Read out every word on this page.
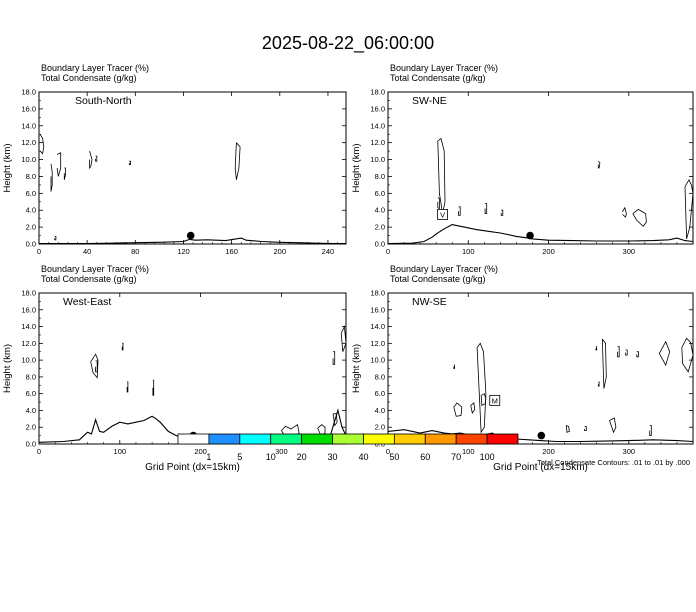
2025-08-22_06:00:00
Boundary Layer Tracer (%)
Total Condensate (g/kg)
0.0
2.0
4.0
6.0
8.0
10.0
12.0
14.0
16.0
18.0
0	40	80	120	160	200	240
Height (km)
South-North
Boundary Layer Tracer (%)
Total Condensate (g/kg)
0.0
2.0
4.0
6.0
8.0
10.0
12.0
14.0
16.0
18.0
0	100	200	300
Height (km)
SW-NE
V
Boundary Layer Tracer (%)
Total Condensate (g/kg)
0.0
2.0
4.0
6.0
8.0
10.0
12.0
14.0
16.0
18.0
0	100	200	300
Height (km)
Grid Point (dx=15km)
West-East
Boundary Layer Tracer (%)
Total Condensate (g/kg)
2.0
4.0
6.0
8.0
10.0
12.0
14.0
16.0
18.0
0	100	200	300
Height (km)
Grid Point (dx=15km)
NW-SE
M
Total Condensate Contours: .01 to .01 by .000
1	5	10 20 30 40 50 60 70 100
